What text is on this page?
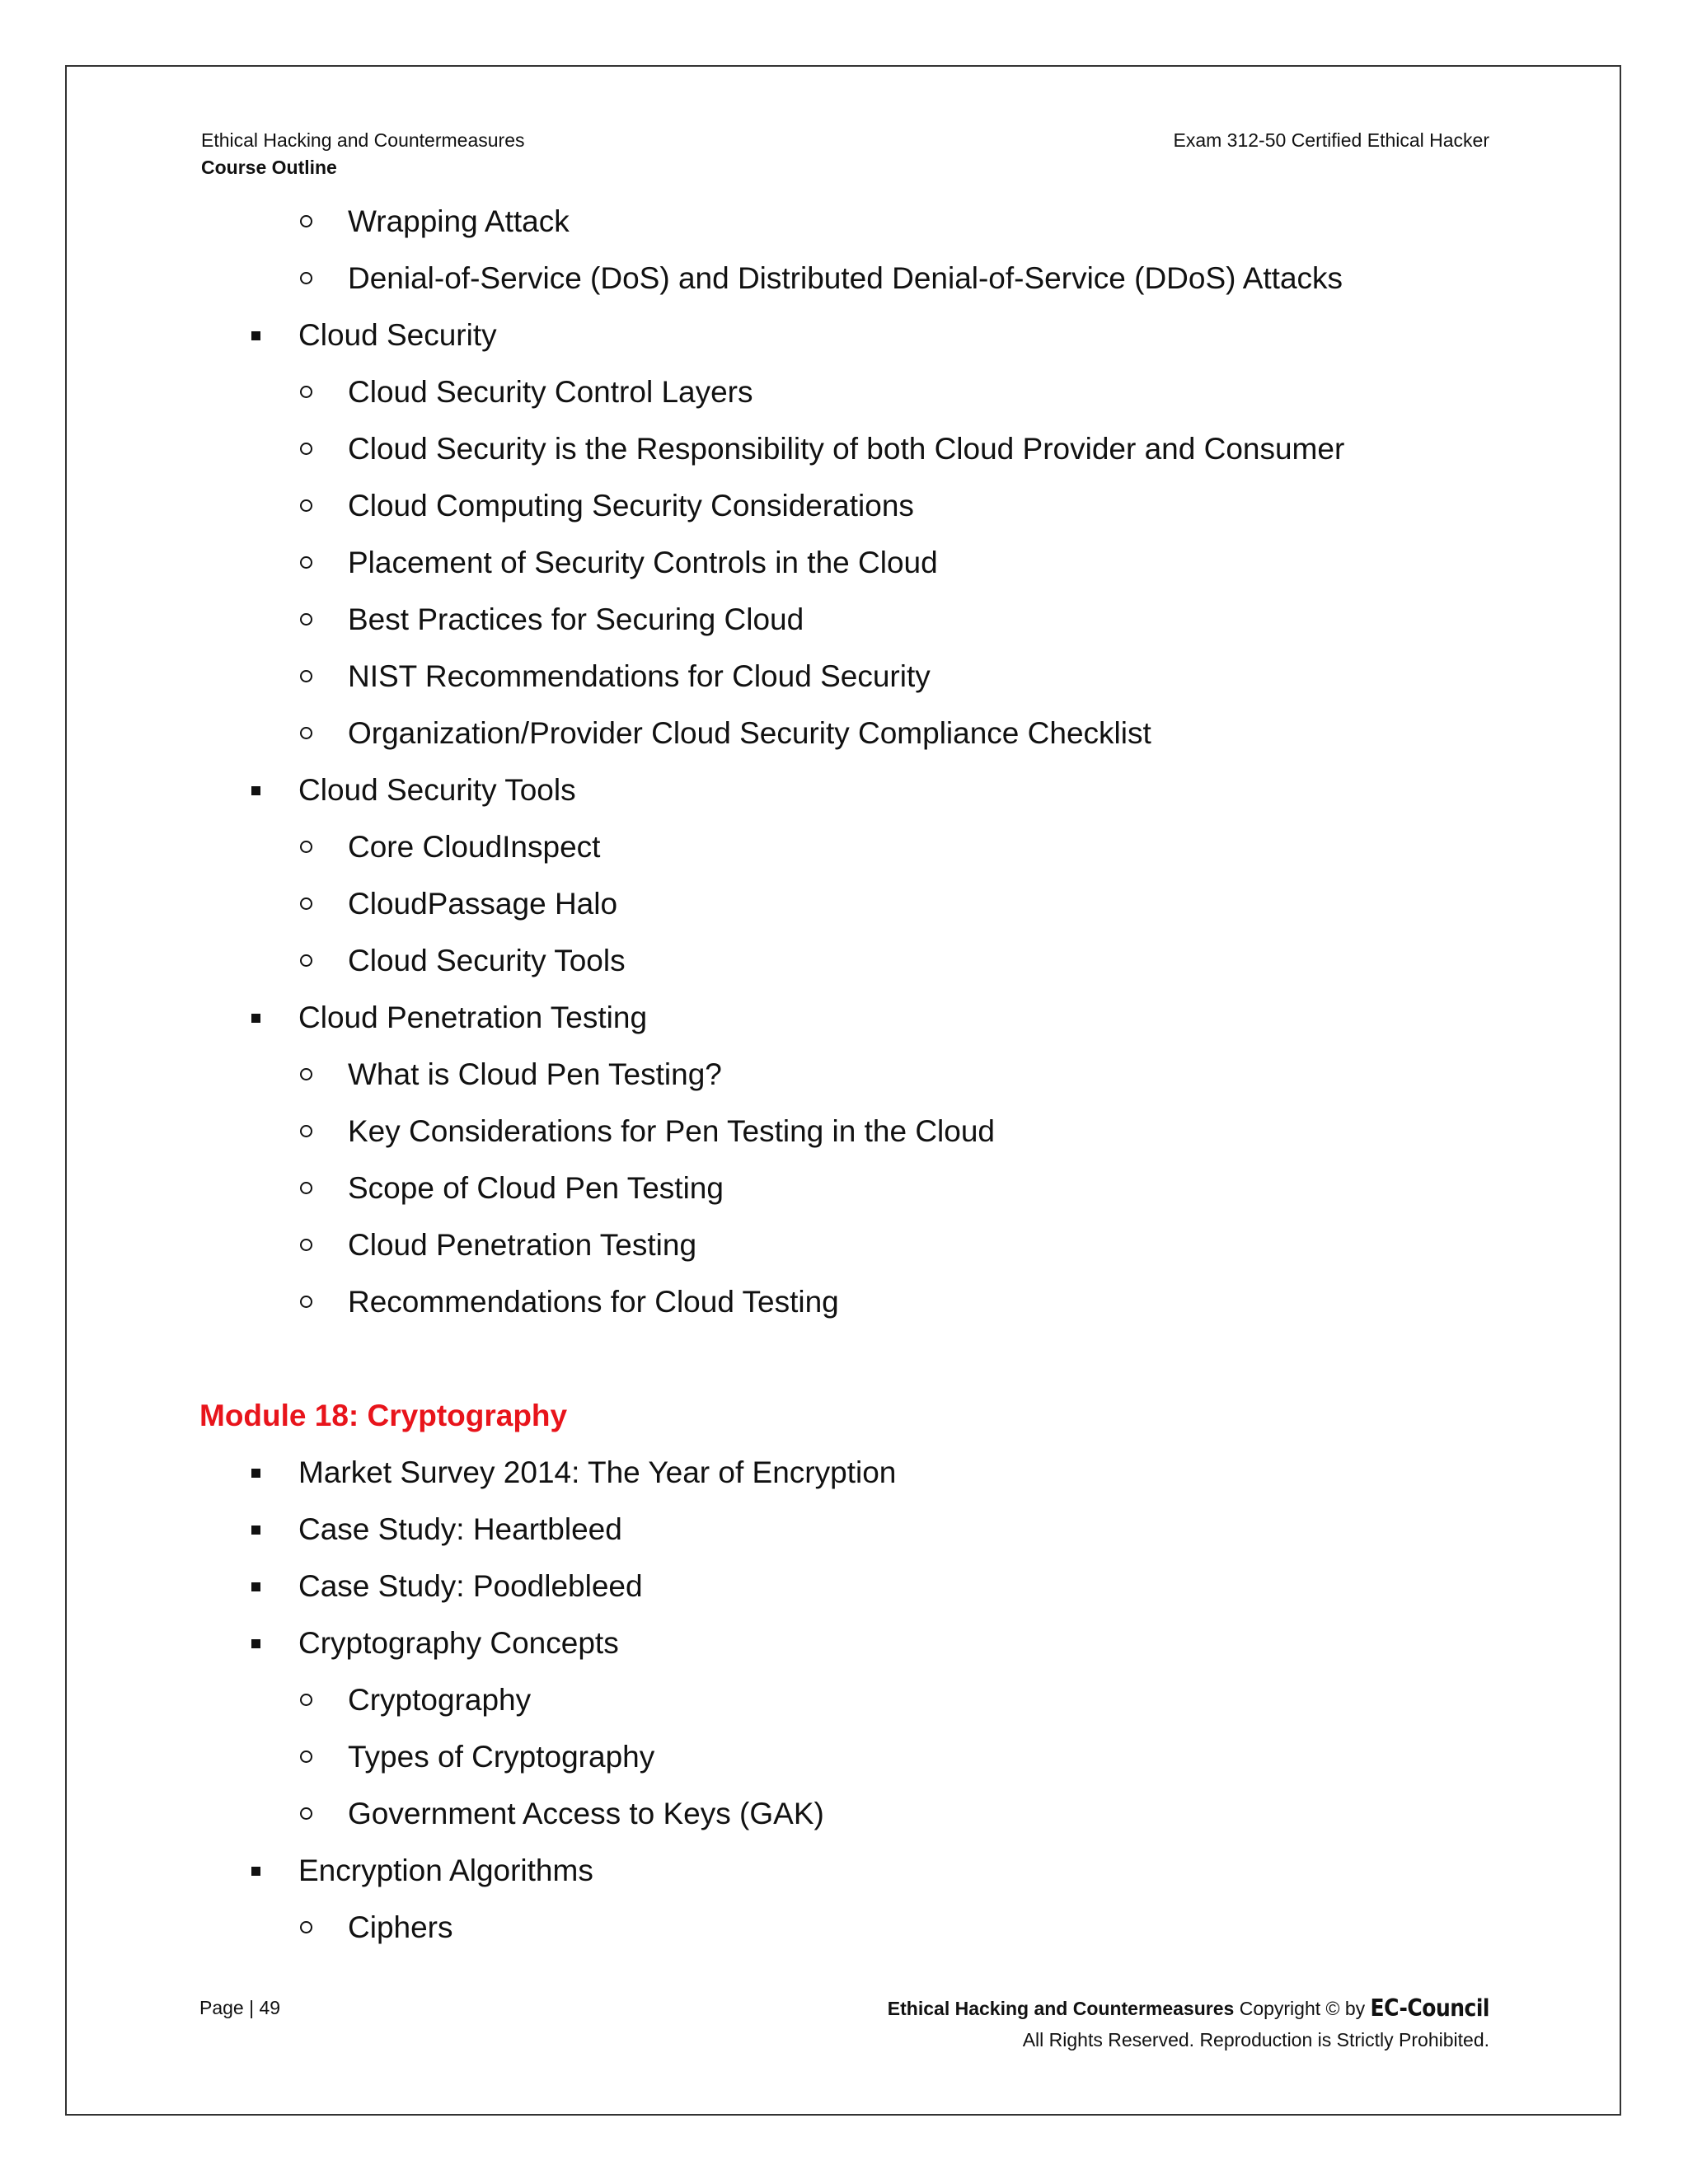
Ethical Hacking and Countermeasures
Course Outline
Exam 312-50 Certified Ethical Hacker
Wrapping Attack
Denial-of-Service (DoS) and Distributed Denial-of-Service (DDoS) Attacks
Cloud Security
Cloud Security Control Layers
Cloud Security is the Responsibility of both Cloud Provider and Consumer
Cloud Computing Security Considerations
Placement of Security Controls in the Cloud
Best Practices for Securing Cloud
NIST Recommendations for Cloud Security
Organization/Provider Cloud Security Compliance Checklist
Cloud Security Tools
Core CloudInspect
CloudPassage Halo
Cloud Security Tools
Cloud Penetration Testing
What is Cloud Pen Testing?
Key Considerations for Pen Testing in the Cloud
Scope of Cloud Pen Testing
Cloud Penetration Testing
Recommendations for Cloud Testing
Module 18: Cryptography
Market Survey 2014: The Year of Encryption
Case Study: Heartbleed
Case Study: Poodlebleed
Cryptography Concepts
Cryptography
Types of Cryptography
Government Access to Keys (GAK)
Encryption Algorithms
Ciphers
Page | 49	Ethical Hacking and Countermeasures Copyright © by EC-Council
All Rights Reserved. Reproduction is Strictly Prohibited.
